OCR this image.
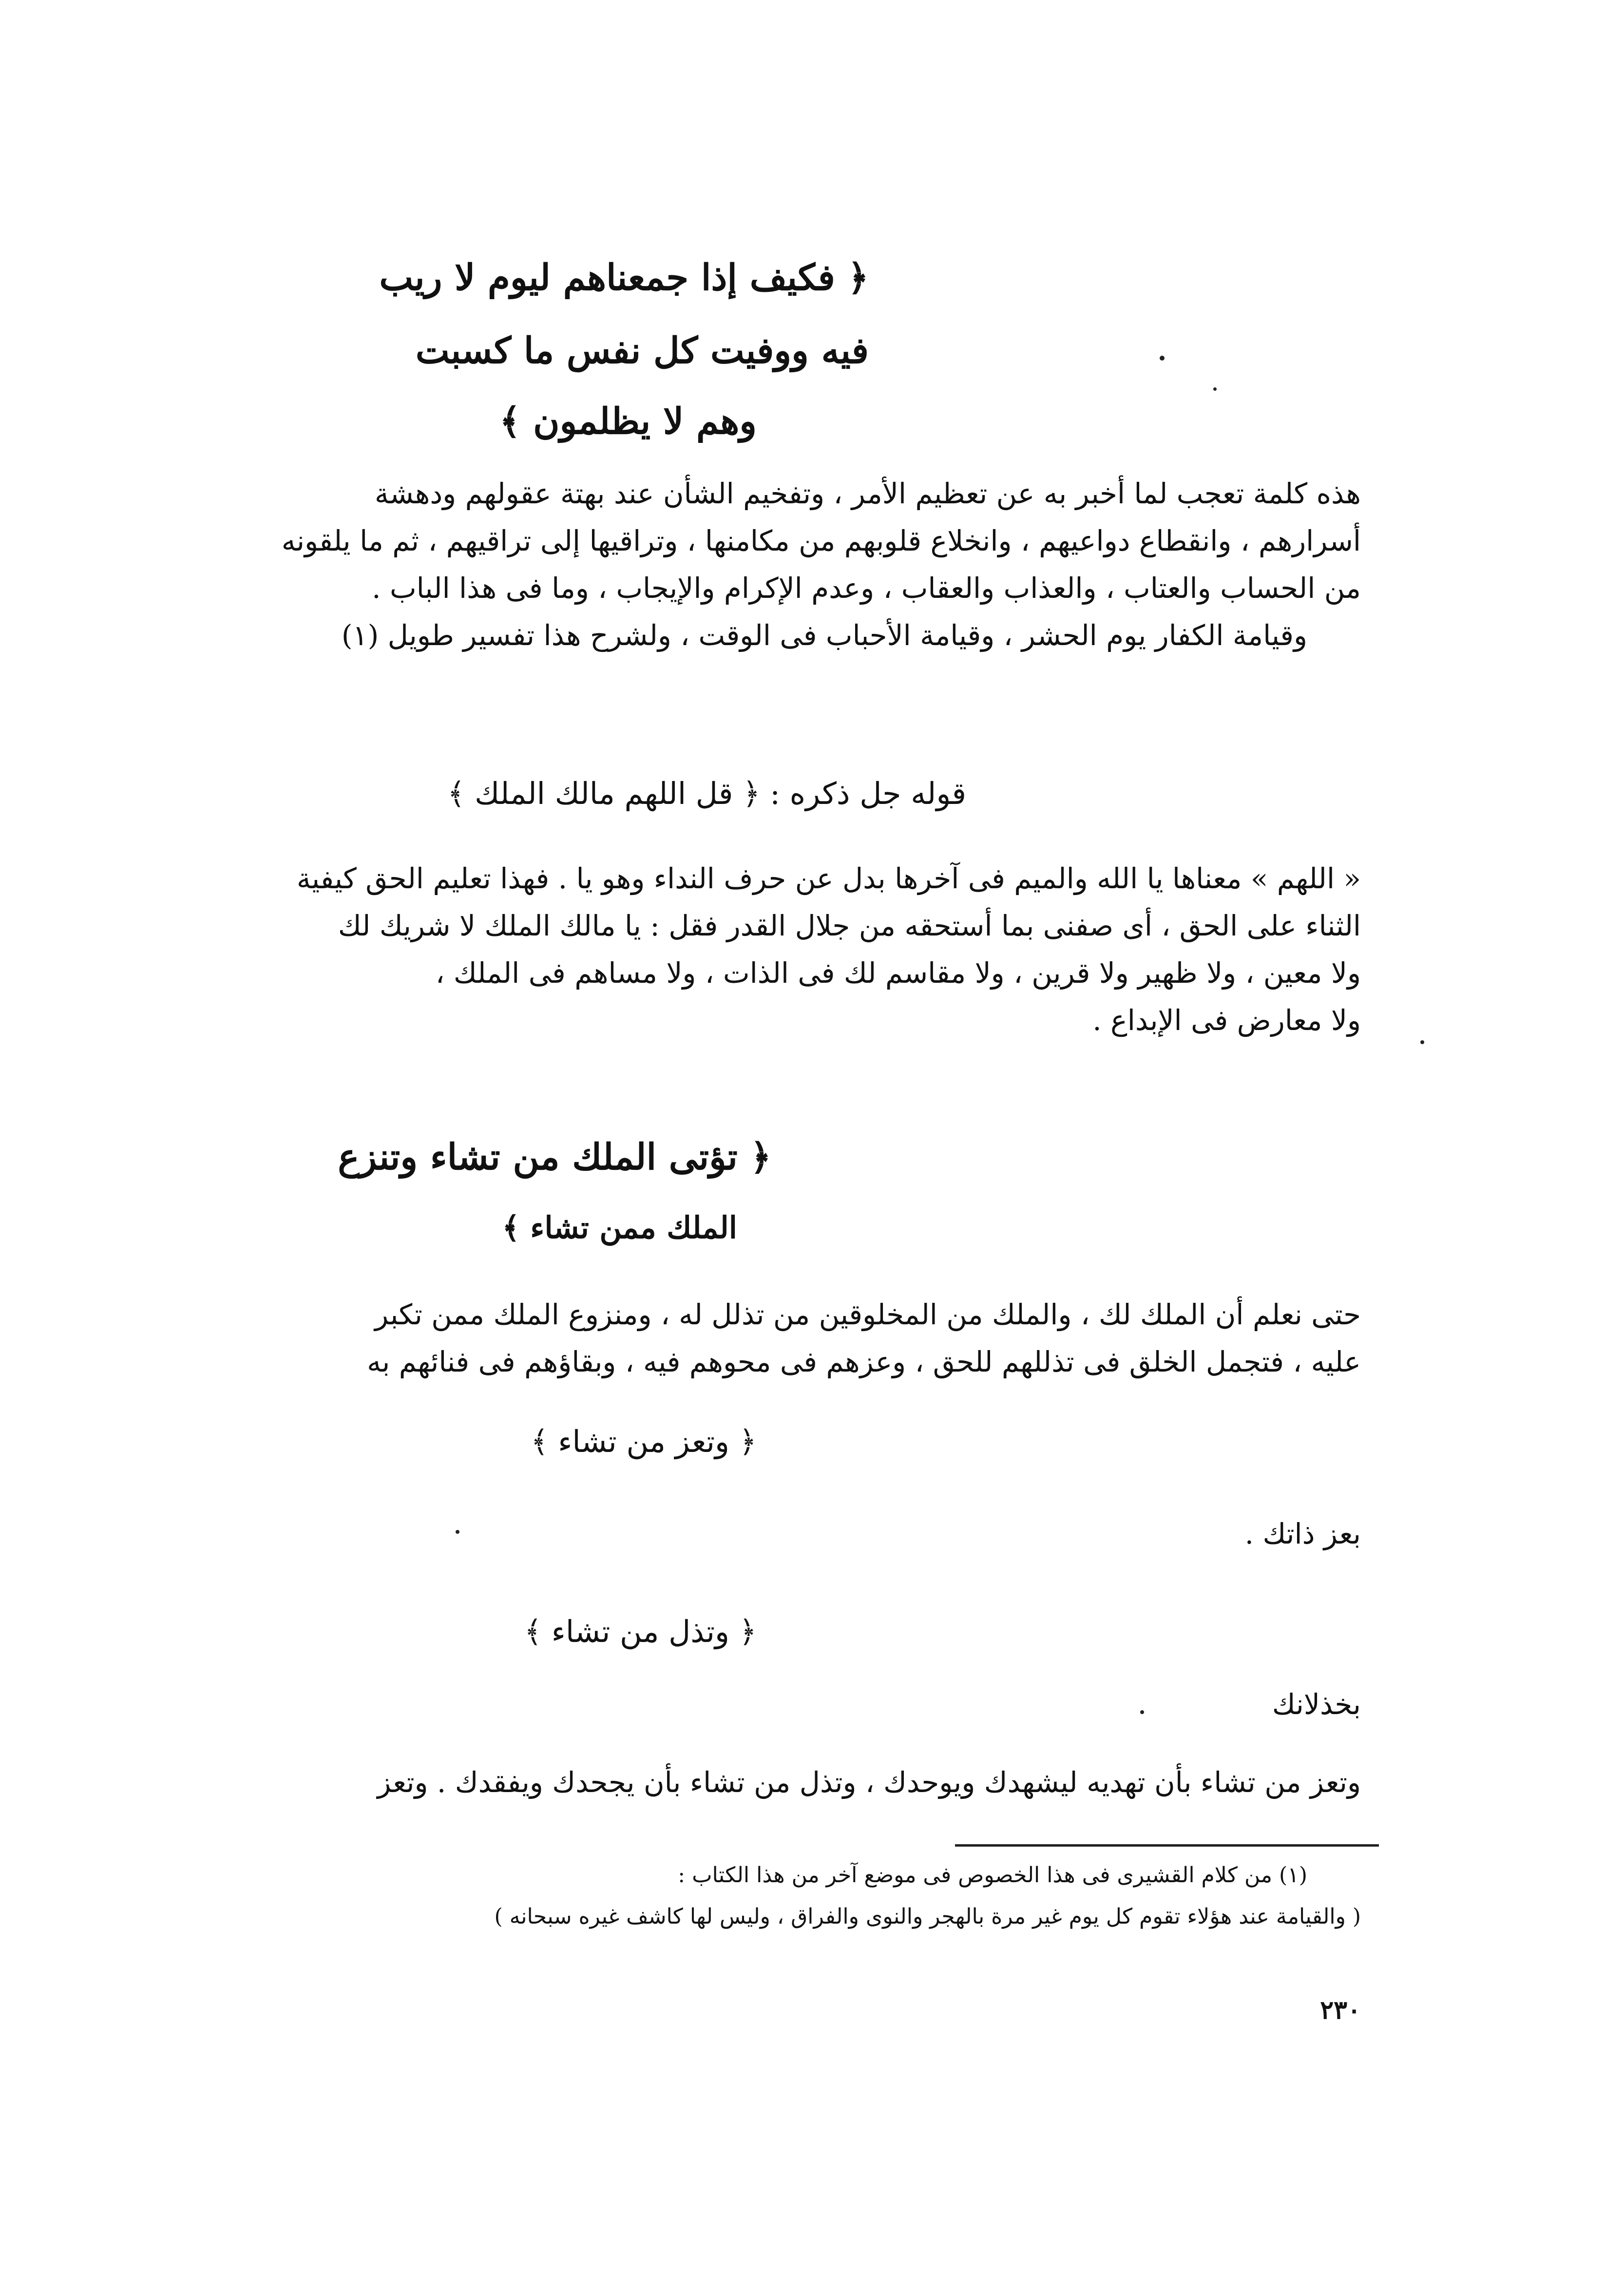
﴿ فكيف إذا جمعناهم ليوم لا ريب
فيه ووفيت كل نفس ما كسبت
وهم لا يظلمون ﴾
هذه كلمة تعجب لما أخبر به عن تعظيم الأمر ، وتفخيم الشأن عند بهتة عقولهم ودهشة
أسرارهم ، وانقطاع دواعيهم ، وانخلاع قلوبهم من مكامنها ، وتراقيها إلى تراقيهم ، ثم ما يلقونه
من الحساب والعتاب ، والعذاب والعقاب ، وعدم الإكرام والإيجاب ، وما فى هذا الباب .
وقيامة الكفار يوم الحشر ، وقيامة الأحباب فى الوقت ، ولشرح هذا تفسير طويل (١)
قوله جل ذكره : ﴿ قل اللهم مالك الملك ﴾
« اللهم » معناها يا الله والميم فى آخرها بدل عن حرف النداء وهو يا . فهذا تعليم الحق كيفية
الثناء على الحق ، أى صفنى بما أستحقه من جلال القدر فقل : يا مالك الملك لا شريك لك
ولا معين ، ولا ظهير ولا قرين ، ولا مقاسم لك فى الذات ، ولا مساهم فى الملك ،
ولا معارض فى الإبداع .
﴿ تؤتى الملك من تشاء وتنزع
الملك ممن تشاء ﴾
حتى نعلم أن الملك لك ، والملك من المخلوقين من تذلل له ، ومنزوع الملك ممن تكبر
عليه ، فتجمل الخلق فى تذللهم للحق ، وعزهم فى محوهم فيه ، وبقاؤهم فى فنائهم به
﴿ وتعز من تشاء ﴾
بعز ذاتك .
﴿ وتذل من تشاء ﴾
بخذلانك
وتعز من تشاء بأن تهديه ليشهدك ويوحدك ، وتذل من تشاء بأن يجحدك ويفقدك . وتعز
(١) من كلام القشيرى فى هذا الخصوص فى موضع آخر من هذا الكتاب :
( والقيامة عند هؤلاء تقوم كل يوم غير مرة بالهجر والنوى والفراق ، وليس لها كاشف غيره سبحانه )
٢٣٠
